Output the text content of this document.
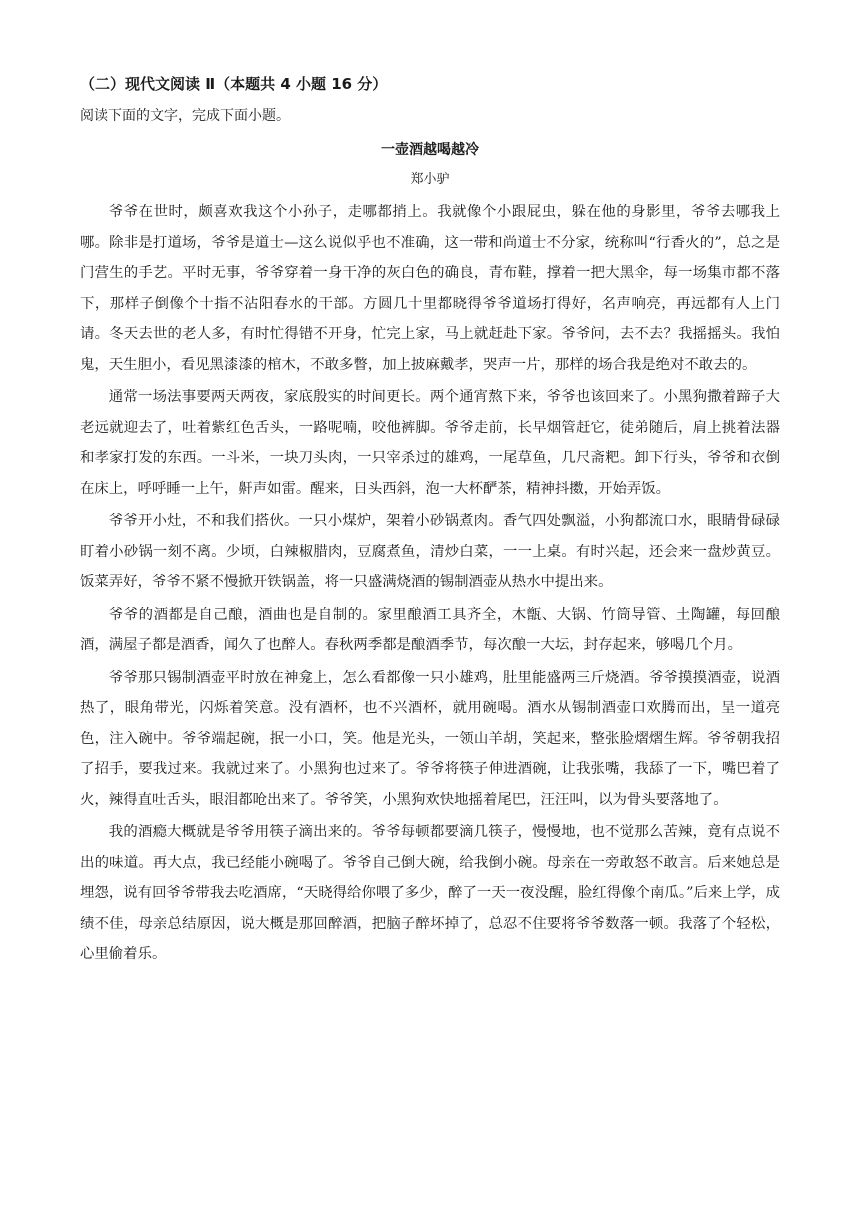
（二）现代文阅读 Ⅱ（本题共 4 小题 16 分）
阅读下面的文字，完成下面小题。
一壶酒越喝越冷
郑小驴

爷爷在世时，颇喜欢我这个小孙子，走哪都捎上。我就像个小跟屁虫，躲在他的身影里，爷爷去哪我上哪。除非是打道场，爷爷是道士—这么说似乎也不准确，这一带和尚道士不分家，统称叫“行香火的”，总之是门营生的手艺。平时无事，爷爷穿着一身干净的灰白色的确良，青布鞋，撑着一把大黑伞，每一场集市都不落下，那样子倒像个十指不沾阳春水的干部。方圆几十里都晓得爷爷道场打得好，名声响亮，再远都有人上门请。冬天去世的老人多，有时忙得错不开身，忙完上家，马上就赶赴下家。爷爷问，去不去？我摇摇头。我怕鬼，天生胆小，看见黑漆漆的棺木，不敢多瞥，加上披麻戴孝，哭声一片，那样的场合我是绝对不敢去的。

通常一场法事要两天两夜，家底殷实的时间更长。两个通宵熬下来，爷爷也该回来了。小黑狗撒着蹄子大老远就迎去了，吐着紫红色舌头，一路呢喃，咬他裤脚。爷爷走前，长早烟管赶它，徒弟随后，肩上挑着法器和孝家打发的东西。一斗米，一块刀头肉，一只宰杀过的雄鸡，一尾草鱼，几尺斋粑。卸下行头，爷爷和衣倒在床上，呼呼睡一上午，鼾声如雷。醒来，日头西斜，泡一大杯酽茶，精神抖擞，开始弄饭。

爷爷开小灶，不和我们搭伙。一只小煤炉，架着小砂锅煮肉。香气四处飘溢，小狗都流口水，眼睛骨碌碌盯着小砂锅一刻不离。少顷，白辣椒腊肉，豆腐煮鱼，清炒白菜，一一上桌。有时兴起，还会来一盘炒黄豆。饭菜弄好，爷爷不紧不慢掀开铁锅盖，将一只盛满烧酒的锡制酒壶从热水中提出来。

爷爷的酒都是自己酿，酒曲也是自制的。家里酿酒工具齐全，木甑、大锅、竹筒导管、土陶罐，每回酿酒，满屋子都是酒香，闻久了也醉人。春秋两季都是酿酒季节，每次酿一大坛，封存起来，够喝几个月。

爷爷那只锡制酒壶平时放在神龛上，怎么看都像一只小雄鸡，肚里能盛两三斤烧酒。爷爷摸摸酒壶，说酒热了，眼角带光，闪烁着笑意。没有酒杯，也不兴酒杯，就用碗喝。酒水从锡制酒壶口欢腾而出，呈一道亮色，注入碗中。爷爷端起碗，抿一小口，笑。他是光头，一领山羊胡，笑起来，整张脸熠熠生辉。爷爷朝我招了招手，要我过来。我就过来了。小黑狗也过来了。爷爷将筷子伸进酒碗，让我张嘴，我舔了一下，嘴巴着了火，辣得直吐舌头，眼泪都呛出来了。爷爷笑，小黑狗欢快地摇着尾巴，汪汪叫，以为骨头要落地了。

我的酒瘾大概就是爷爷用筷子滴出来的。爷爷每顿都要滴几筷子，慢慢地，也不觉那么苦辣，竟有点说不出的味道。再大点，我已经能小碗喝了。爷爷自己倒大碗，给我倒小碗。母亲在一旁敢怒不敢言。后来她总是埋怨，说有回爷爷带我去吃酒席，“天晓得给你喂了多少，醉了一天一夜没醒，脸红得像个南瓜。”后来上学，成绩不佳，母亲总结原因，说大概是那回醉酒，把脑子醉坏掉了，总忍不住要将爷爷数落一顿。我落了个轻松，心里偷着乐。
